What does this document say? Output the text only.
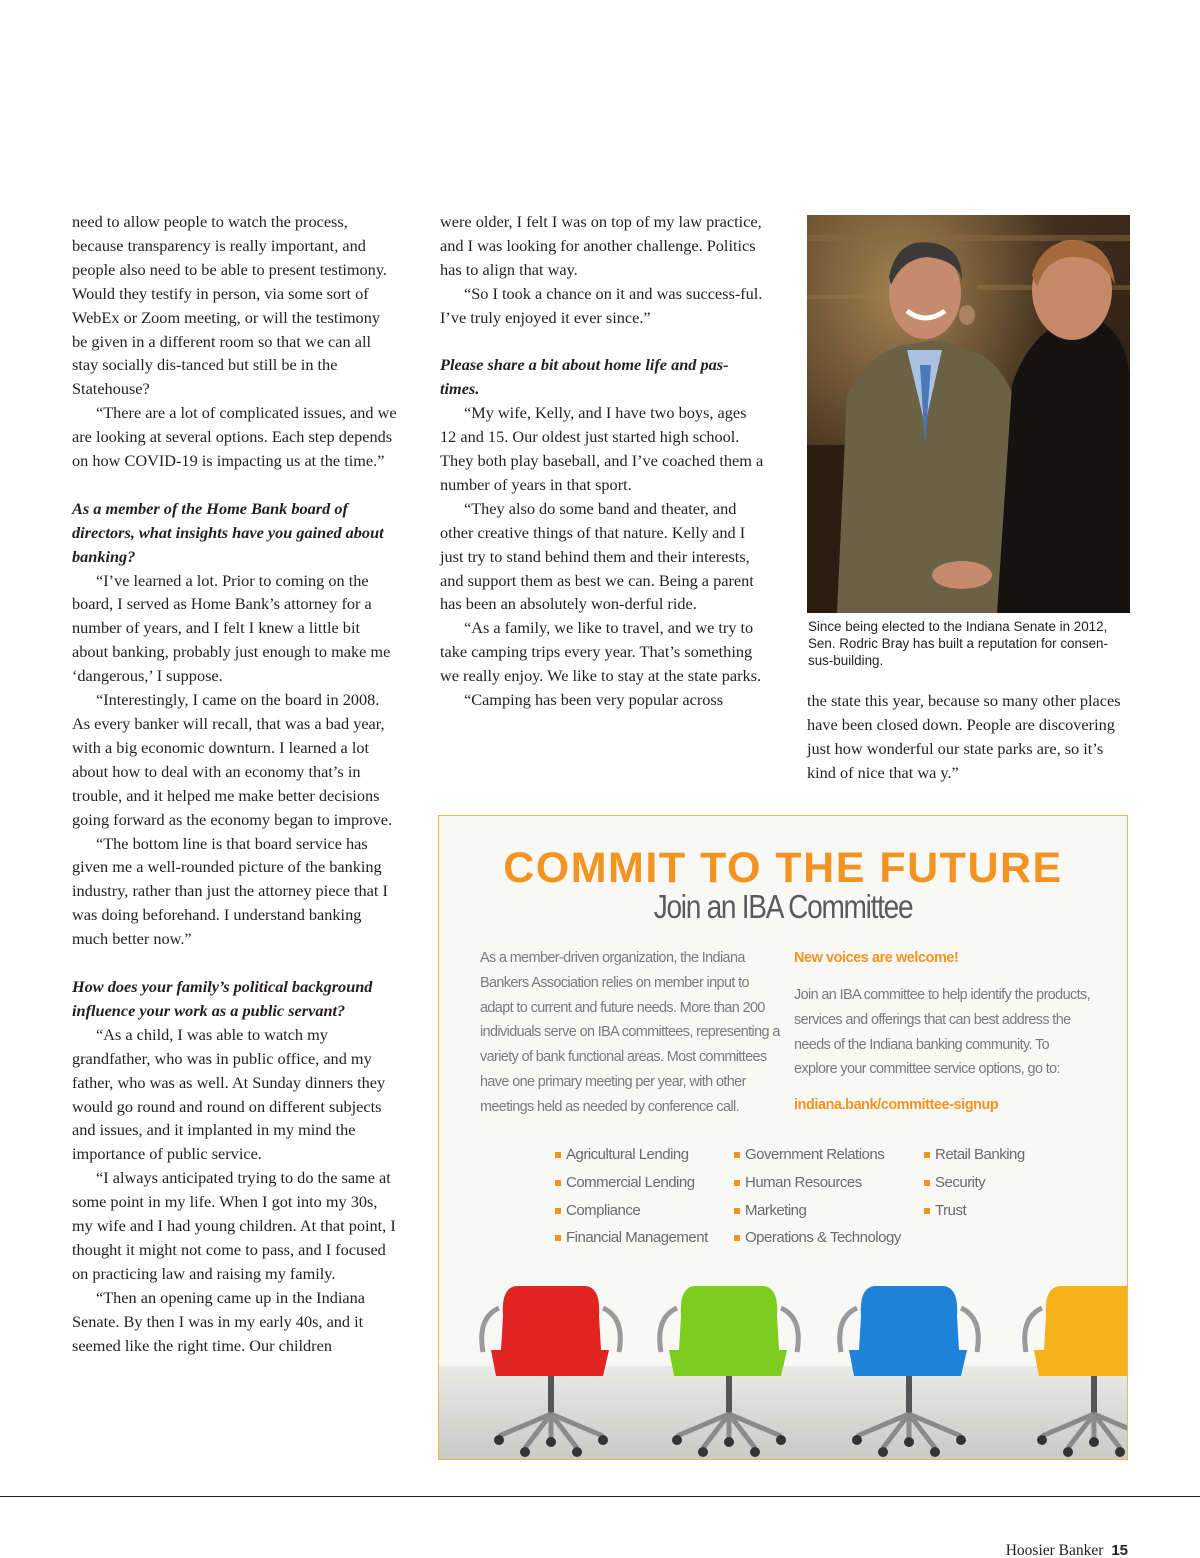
need to allow people to watch the process, because transparency is really important, and people also need to be able to present testimony. Would they testify in person, via some sort of WebEx or Zoom meeting, or will the testimony be given in a different room so that we can all stay socially dis-tanced but still be in the Statehouse?

“There are a lot of complicated issues, and we are looking at several options. Each step depends on how COVID-19 is impacting us at the time.”

As a member of the Home Bank board of directors, what insights have you gained about banking?

“I’ve learned a lot. Prior to coming on the board, I served as Home Bank’s attorney for a number of years, and I felt I knew a little bit about banking, probably just enough to make me ‘dangerous,’ I suppose.

“Interestingly, I came on the board in 2008. As every banker will recall, that was a bad year, with a big economic downturn. I learned a lot about how to deal with an economy that’s in trouble, and it helped me make better decisions going forward as the economy began to improve.

“The bottom line is that board service has given me a well-rounded picture of the banking industry, rather than just the attorney piece that I was doing beforehand. I understand banking much better now.”

How does your family’s political background influence your work as a public servant?

“As a child, I was able to watch my grandfather, who was in public office, and my father, who was as well. At Sunday dinners they would go round and round on different subjects and issues, and it implanted in my mind the importance of public service.

“I always anticipated trying to do the same at some point in my life. When I got into my 30s, my wife and I had young children. At that point, I thought it might not come to pass, and I focused on practicing law and raising my family.

“Then an opening came up in the Indiana Senate. By then I was in my early 40s, and it seemed like the right time. Our children

were older, I felt I was on top of my law practice, and I was looking for another challenge. Politics has to align that way.

“So I took a chance on it and was success-ful. I’ve truly enjoyed it ever since.”

Please share a bit about home life and pas-times.

“My wife, Kelly, and I have two boys, ages 12 and 15. Our oldest just started high school. They both play baseball, and I’ve coached them a number of years in that sport.

“They also do some band and theater, and other creative things of that nature. Kelly and I just try to stand behind them and their interests, and support them as best we can. Being a parent has been an absolutely won-derful ride.

“As a family, we like to travel, and we try to take camping trips every year. That’s something we really enjoy. We like to stay at the state parks.

“Camping has been very popular across

Since being elected to the Indiana Senate in 2012, Sen. Rodric Bray has built a reputation for consen-sus-building.

the state this year, because so many other places have been closed down. People are discovering just how wonderful our state parks are, so it’s kind of nice that wa y.”

COMMIT TO THE FUTURE
Join an IBA Committee
As a member-driven organization, the Indiana Bankers Association relies on member input to adapt to current and future needs. More than 200 individuals serve on IBA committees, representing a variety of bank functional areas. Most committees have one primary meeting per year, with other meetings held as needed by conference call.
New voices are welcome!
Join an IBA committee to help identify the products, services and offerings that can best address the needs of the Indiana banking community. To explore your committee service options, go to:
indiana.bank/committee-signup
Agricultural Lending
Commercial Lending
Compliance
Financial Management
Government Relations
Human Resources
Marketing
Operations & Technology
Retail Banking
Security
Trust
Hoosier Banker 15
